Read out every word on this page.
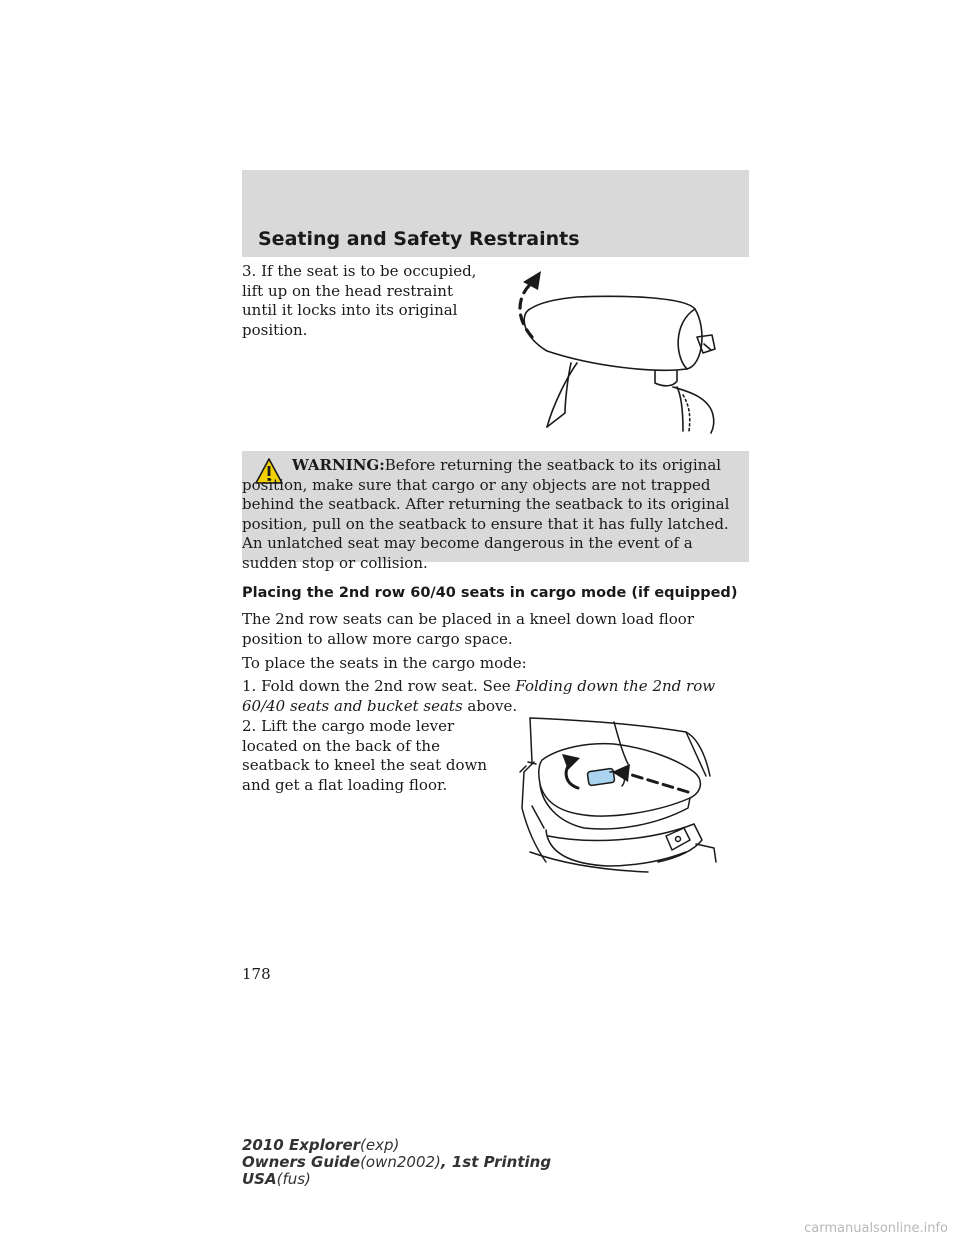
Seating and Safety Restraints

3. If the seat is to be occupied, lift up on the head restraint until it locks into its original position.

WARNING:Before returning the seatback to its original position, make sure that cargo or any objects are not trapped behind the seatback. After returning the seatback to its original position, pull on the seatback to ensure that it has fully latched. An unlatched seat may become dangerous in the event of a sudden stop or collision.

Placing the 2nd row 60/40 seats in cargo mode (if equipped)

The 2nd row seats can be placed in a kneel down load floor position to allow more cargo space.

To place the seats in the cargo mode:

1. Fold down the 2nd row seat. See Folding down the 2nd row 60/40 seats and bucket seats above.

2. Lift the cargo mode lever located on the back of the seatback to kneel the seat down and get a flat loading floor.

178

2010 Explorer(exp)
Owners Guide(own2002), 1st Printing
USA(fus)
carmanualsonline.info
